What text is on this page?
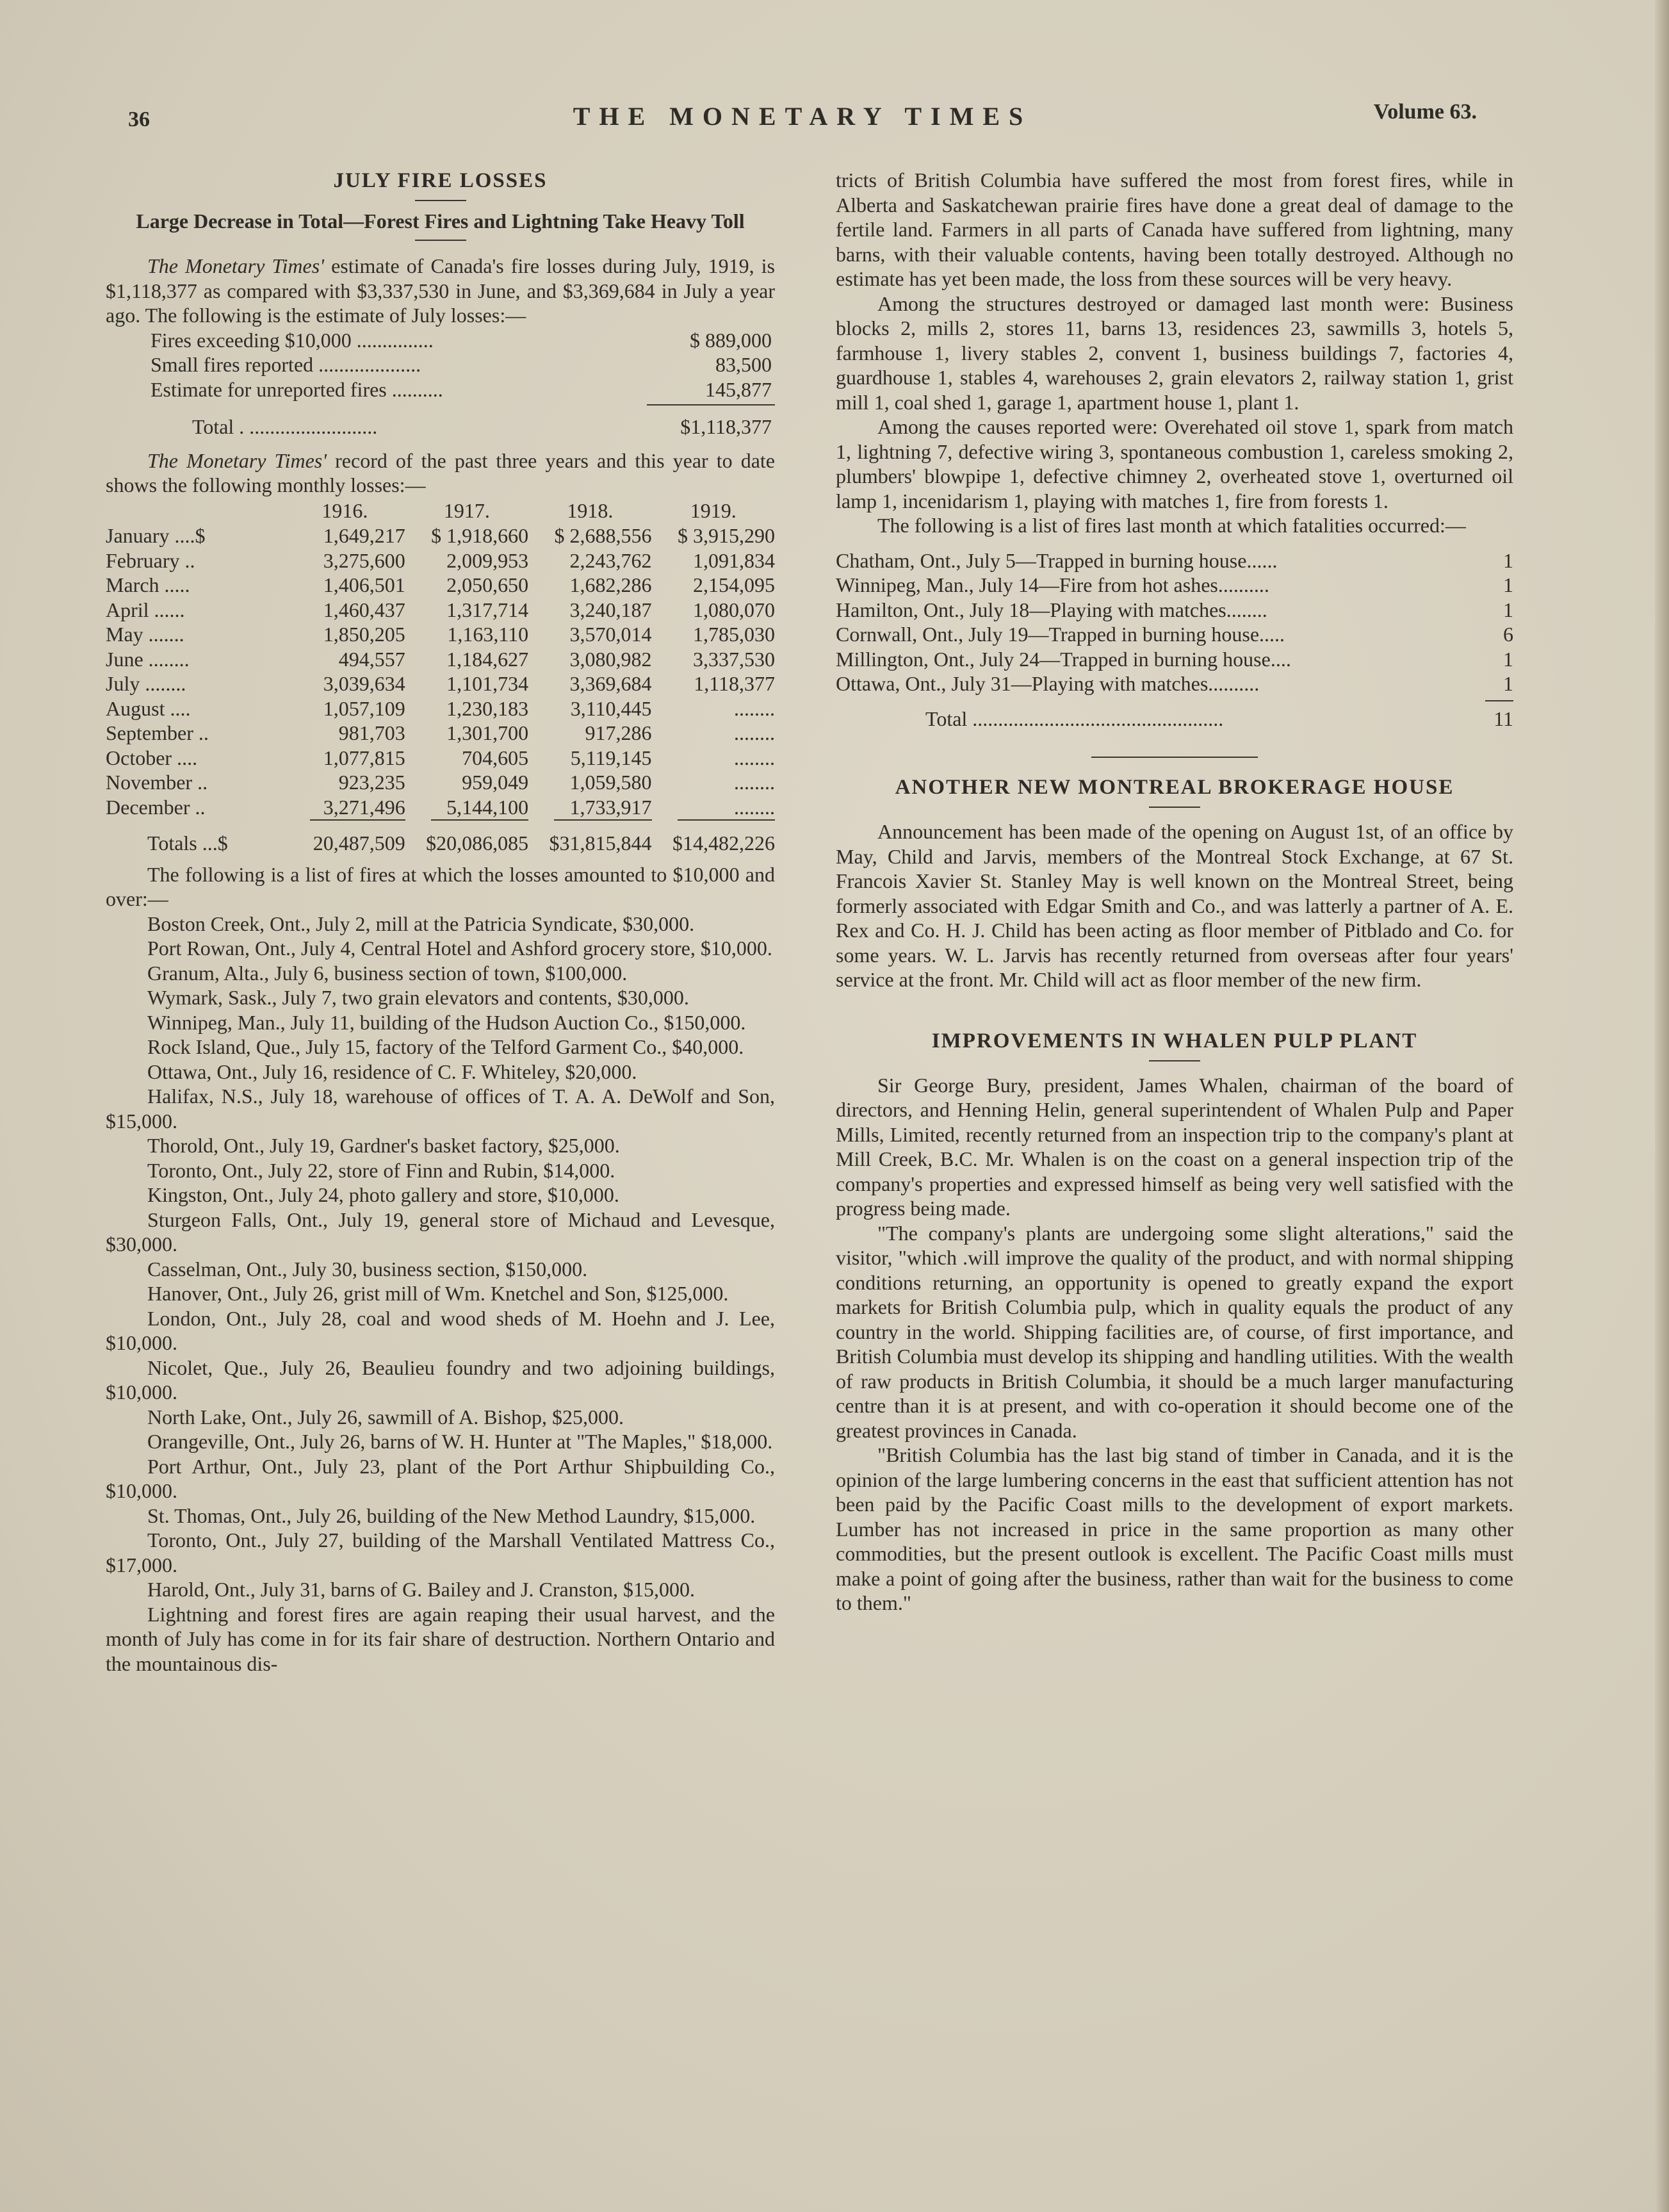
36	THE MONETARY TIMES	Volume 63.
JULY FIRE LOSSES
Large Decrease in Total—Forest Fires and Lightning Take Heavy Toll

The Monetary Times' estimate of Canada's fire losses during July, 1919, is $1,118,377 as compared with $3,337,530 in June, and $3,369,684 in July a year ago. The following is the estimate of July losses:—

Fires exceeding $10,000 ...............	$ 889,000
Small fires reported ....................	83,500
Estimate for unreported fires ..........	145,877
Total . .........................	$1,118,377

The Monetary Times' record of the past three years and this year to date shows the following monthly losses:—

	1916.	1917.	1918.	1919.
January ....$	1,649,217	$ 1,918,660	$ 2,688,556	$ 3,915,290
February ..	3,275,600	2,009,953	2,243,762	1,091,834
March .....	1,406,501	2,050,650	1,682,286	2,154,095
April ......	1,460,437	1,317,714	3,240,187	1,080,070
May .......	1,850,205	1,163,110	3,570,014	1,785,030
June ........	494,557	1,184,627	3,080,982	3,337,530
July ........	3,039,634	1,101,734	3,369,684	1,118,377
August ....	1,057,109	1,230,183	3,110,445	........
September ..	981,703	1,301,700	917,286	........
October ....	1,077,815	704,605	5,119,145	........
November ..	923,235	959,049	1,059,580	........
December ..	3,271,496	5,144,100	1,733,917	........

Totals ...$	20,487,509	$20,086,085	$31,815,844	$14,482,226

The following is a list of fires at which the losses amounted to $10,000 and over:—

Boston Creek, Ont., July 2, mill at the Patricia Syndicate, $30,000.

Port Rowan, Ont., July 4, Central Hotel and Ashford grocery store, $10,000.

Granum, Alta., July 6, business section of town, $100,000.

Wymark, Sask., July 7, two grain elevators and contents, $30,000.

Winnipeg, Man., July 11, building of the Hudson Auction Co., $150,000.

Rock Island, Que., July 15, factory of the Telford Garment Co., $40,000.

Ottawa, Ont., July 16, residence of C. F. Whiteley, $20,000.

Halifax, N.S., July 18, warehouse of offices of T. A. A. DeWolf and Son, $15,000.

Thorold, Ont., July 19, Gardner's basket factory, $25,000.

Toronto, Ont., July 22, store of Finn and Rubin, $14,000.

Kingston, Ont., July 24, photo gallery and store, $10,000.

Sturgeon Falls, Ont., July 19, general store of Michaud and Levesque, $30,000.

Casselman, Ont., July 30, business section, $150,000.

Hanover, Ont., July 26, grist mill of Wm. Knetchel and Son, $125,000.

London, Ont., July 28, coal and wood sheds of M. Hoehn and J. Lee, $10,000.

Nicolet, Que., July 26, Beaulieu foundry and two adjoining buildings, $10,000.

North Lake, Ont., July 26, sawmill of A. Bishop, $25,000.

Orangeville, Ont., July 26, barns of W. H. Hunter at "The Maples," $18,000.

Port Arthur, Ont., July 23, plant of the Port Arthur Shipbuilding Co., $10,000.

St. Thomas, Ont., July 26, building of the New Method Laundry, $15,000.

Toronto, Ont., July 27, building of the Marshall Ventilated Mattress Co., $17,000.

Harold, Ont., July 31, barns of G. Bailey and J. Cranston, $15,000.

Lightning and forest fires are again reaping their usual harvest, and the month of July has come in for its fair share of destruction. Northern Ontario and the mountainous dis-

tricts of British Columbia have suffered the most from forest fires, while in Alberta and Saskatchewan prairie fires have done a great deal of damage to the fertile land. Farmers in all parts of Canada have suffered from lightning, many barns, with their valuable contents, having been totally destroyed. Although no estimate has yet been made, the loss from these sources will be very heavy.

Among the structures destroyed or damaged last month were: Business blocks 2, mills 2, stores 11, barns 13, residences 23, sawmills 3, hotels 5, farmhouse 1, livery stables 2, convent 1, business buildings 7, factories 4, guardhouse 1, stables 4, warehouses 2, grain elevators 2, railway station 1, grist mill 1, coal shed 1, garage 1, apartment house 1, plant 1.

Among the causes reported were: Overehated oil stove 1, spark from match 1, lightning 7, defective wiring 3, spontaneous combustion 1, careless smoking 2, plumbers' blowpipe 1, defective chimney 2, overheated stove 1, overturned oil lamp 1, incenidarism 1, playing with matches 1, fire from forests 1.

The following is a list of fires last month at which fatalities occurred:—

Chatham, Ont., July 5—Trapped in burning house......	1
Winnipeg, Man., July 14—Fire from hot ashes..........	1
Hamilton, Ont., July 18—Playing with matches........	1
Cornwall, Ont., July 19—Trapped in burning house.....	6
Millington, Ont., July 24—Trapped in burning house....	1
Ottawa, Ont., July 31—Playing with matches..........	1
Total .................................................	11
ANOTHER NEW MONTREAL BROKERAGE HOUSE

Announcement has been made of the opening on August 1st, of an office by May, Child and Jarvis, members of the Montreal Stock Exchange, at 67 St. Francois Xavier St. Stanley May is well known on the Montreal Street, being formerly associated with Edgar Smith and Co., and was latterly a partner of A. E. Rex and Co. H. J. Child has been acting as floor member of Pitblado and Co. for some years. W. L. Jarvis has recently returned from overseas after four years' service at the front. Mr. Child will act as floor member of the new firm.

IMPROVEMENTS IN WHALEN PULP PLANT

Sir George Bury, president, James Whalen, chairman of the board of directors, and Henning Helin, general superintendent of Whalen Pulp and Paper Mills, Limited, recently returned from an inspection trip to the company's plant at Mill Creek, B.C. Mr. Whalen is on the coast on a general inspection trip of the company's properties and expressed himself as being very well satisfied with the progress being made.

"The company's plants are undergoing some slight alterations," said the visitor, "which .will improve the quality of the product, and with normal shipping conditions returning, an opportunity is opened to greatly expand the export markets for British Columbia pulp, which in quality equals the product of any country in the world. Shipping facilities are, of course, of first importance, and British Columbia must develop its shipping and handling utilities. With the wealth of raw products in British Columbia, it should be a much larger manufacturing centre than it is at present, and with co-operation it should become one of the greatest provinces in Canada.

"British Columbia has the last big stand of timber in Canada, and it is the opinion of the large lumbering concerns in the east that sufficient attention has not been paid by the Pacific Coast mills to the development of export markets. Lumber has not increased in price in the same proportion as many other commodities, but the present outlook is excellent. The Pacific Coast mills must make a point of going after the business, rather than wait for the business to come to them."
